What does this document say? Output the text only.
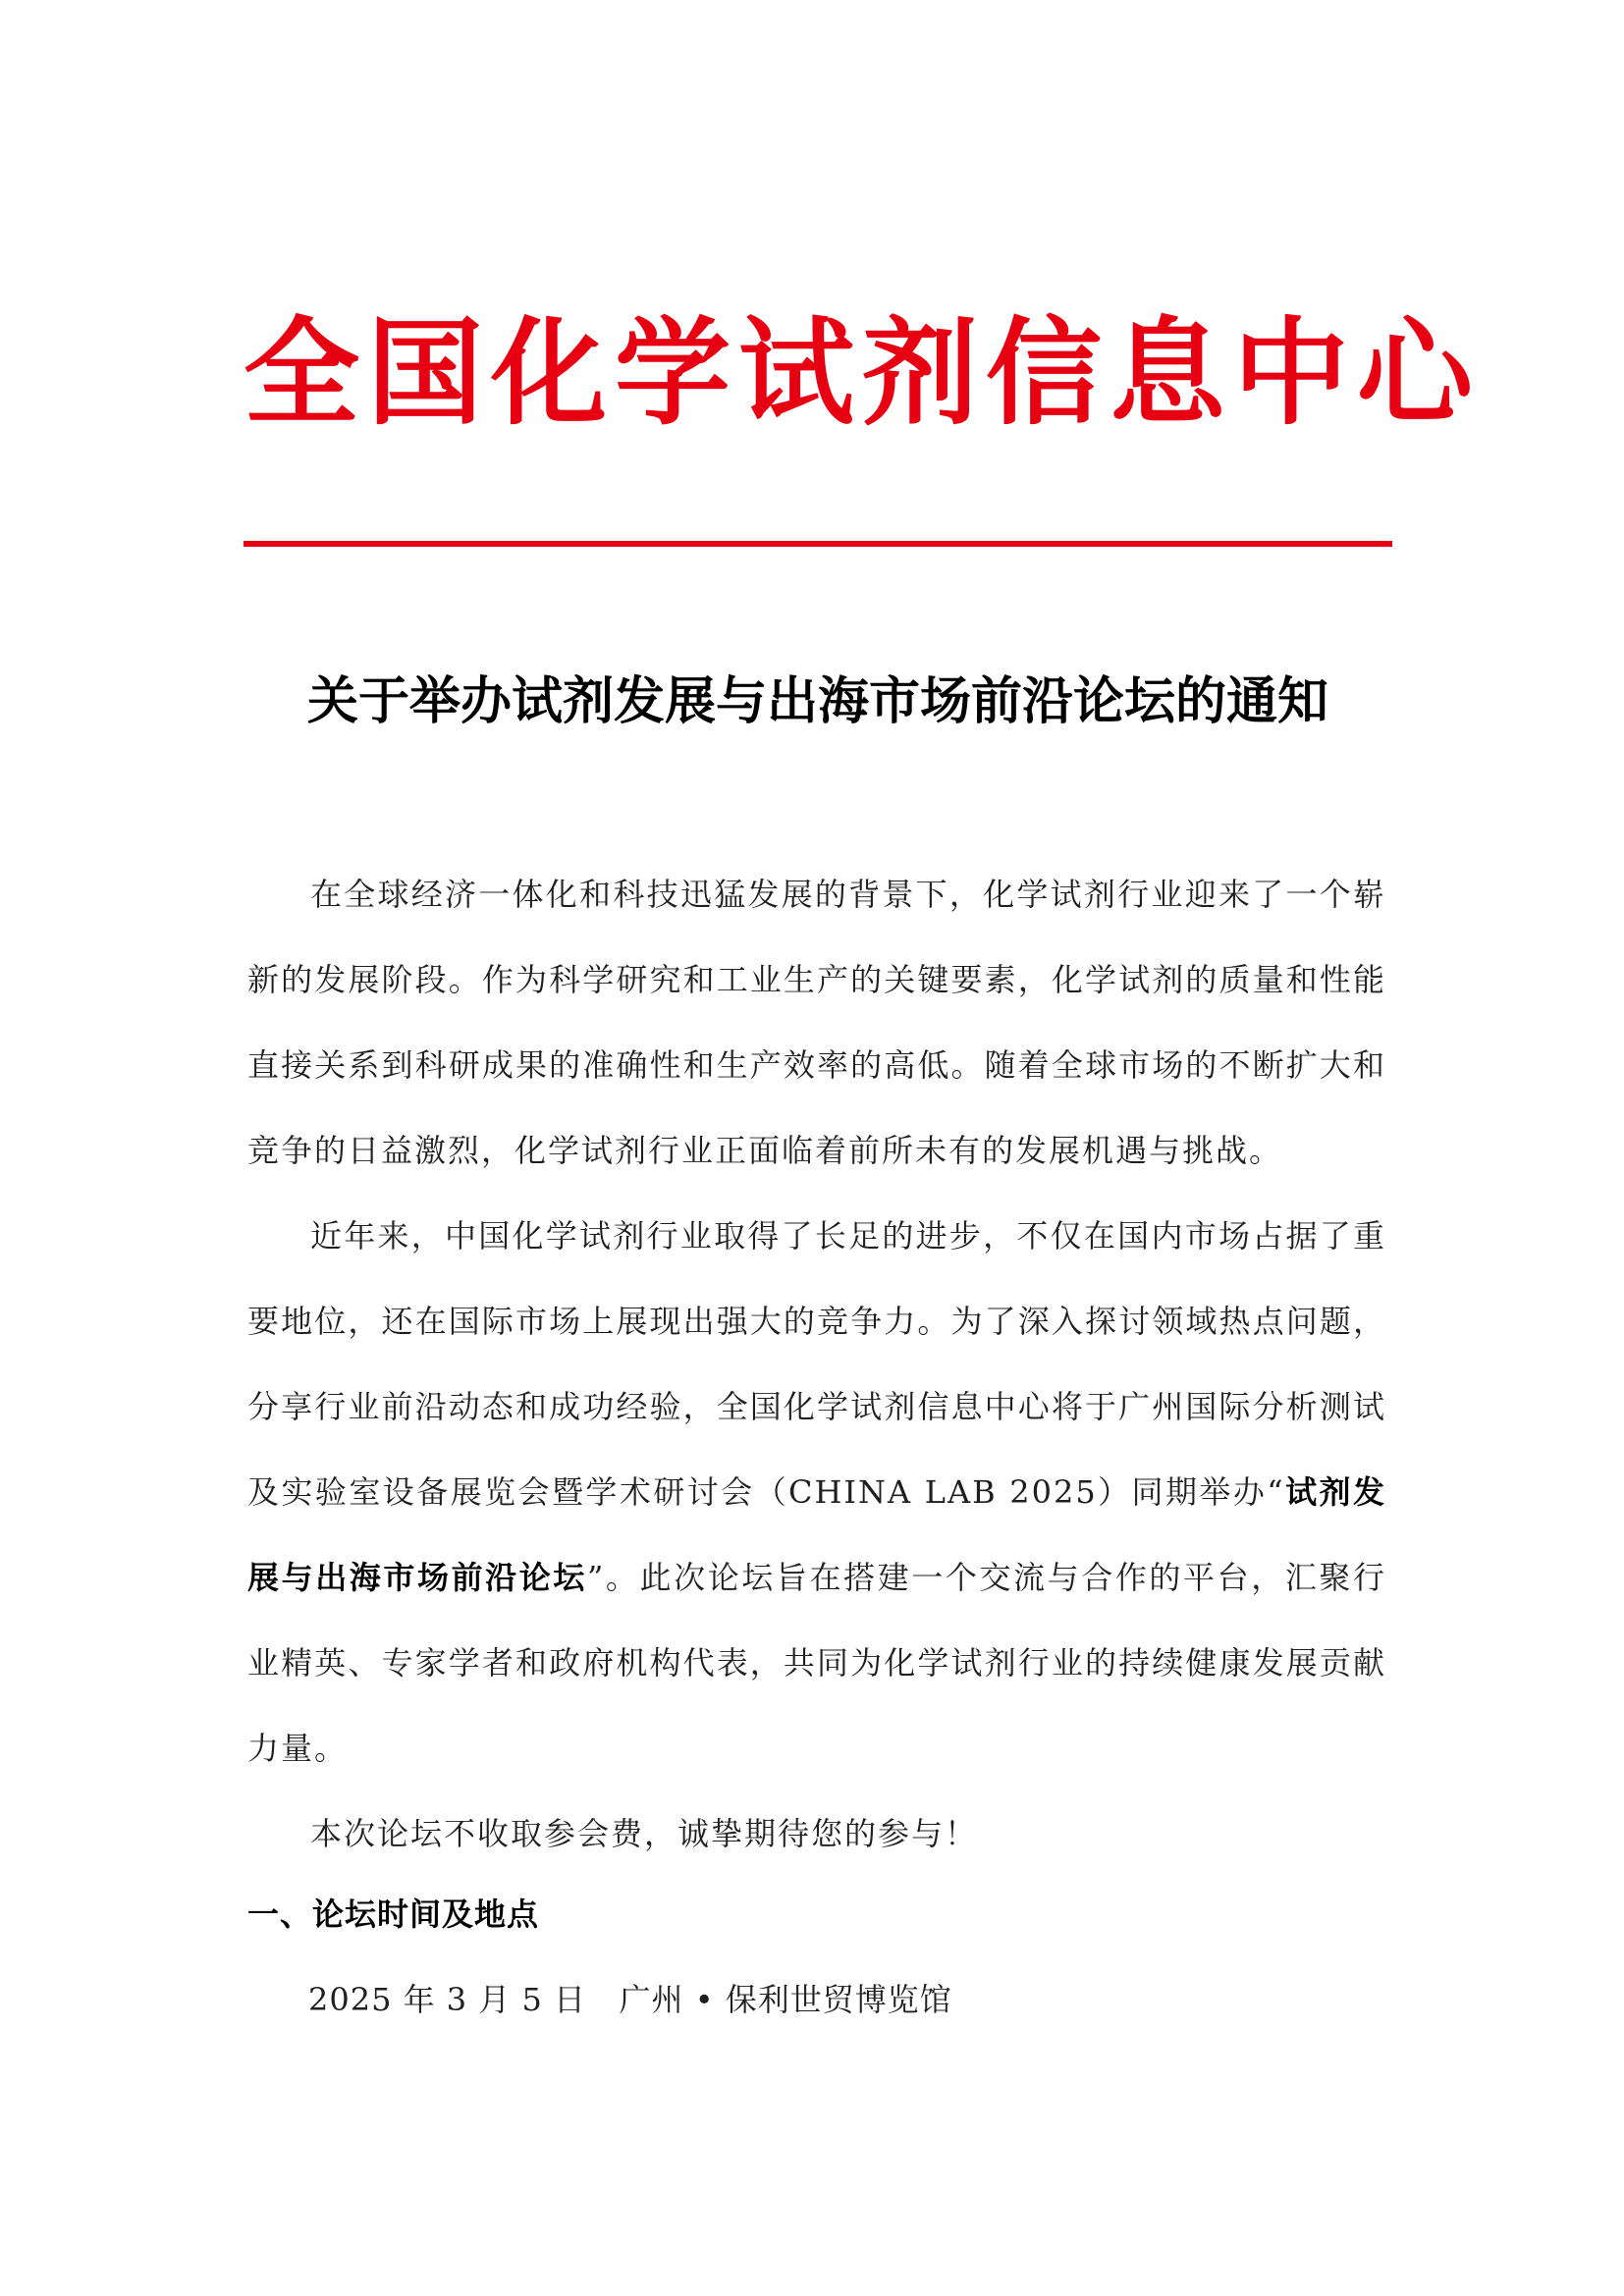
全国化学试剂信息中心
关于举办试剂发展与出海市场前沿论坛的通知

在全球经济一体化和科技迅猛发展的背景下，化学试剂行业迎来了一个崭新的发展阶段。作为科学研究和工业生产的关键要素，化学试剂的质量和性能直接关系到科研成果的准确性和生产效率的高低。随着全球市场的不断扩大和竞争的日益激烈，化学试剂行业正面临着前所未有的发展机遇与挑战。

近年来，中国化学试剂行业取得了长足的进步，不仅在国内市场占据了重要地位，还在国际市场上展现出强大的竞争力。为了深入探讨领域热点问题，分享行业前沿动态和成功经验，全国化学试剂信息中心将于广州国际分析测试及实验室设备展览会暨学术研讨会（CHINA LAB 2025）同期举办“试剂发展与出海市场前沿论坛”。此次论坛旨在搭建一个交流与合作的平台，汇聚行业精英、专家学者和政府机构代表，共同为化学试剂行业的持续健康发展贡献力量。

本次论坛不收取参会费，诚挚期待您的参与！

一、论坛时间及地点
2025 年 3 月 5 日 广州 • 保利世贸博览馆
